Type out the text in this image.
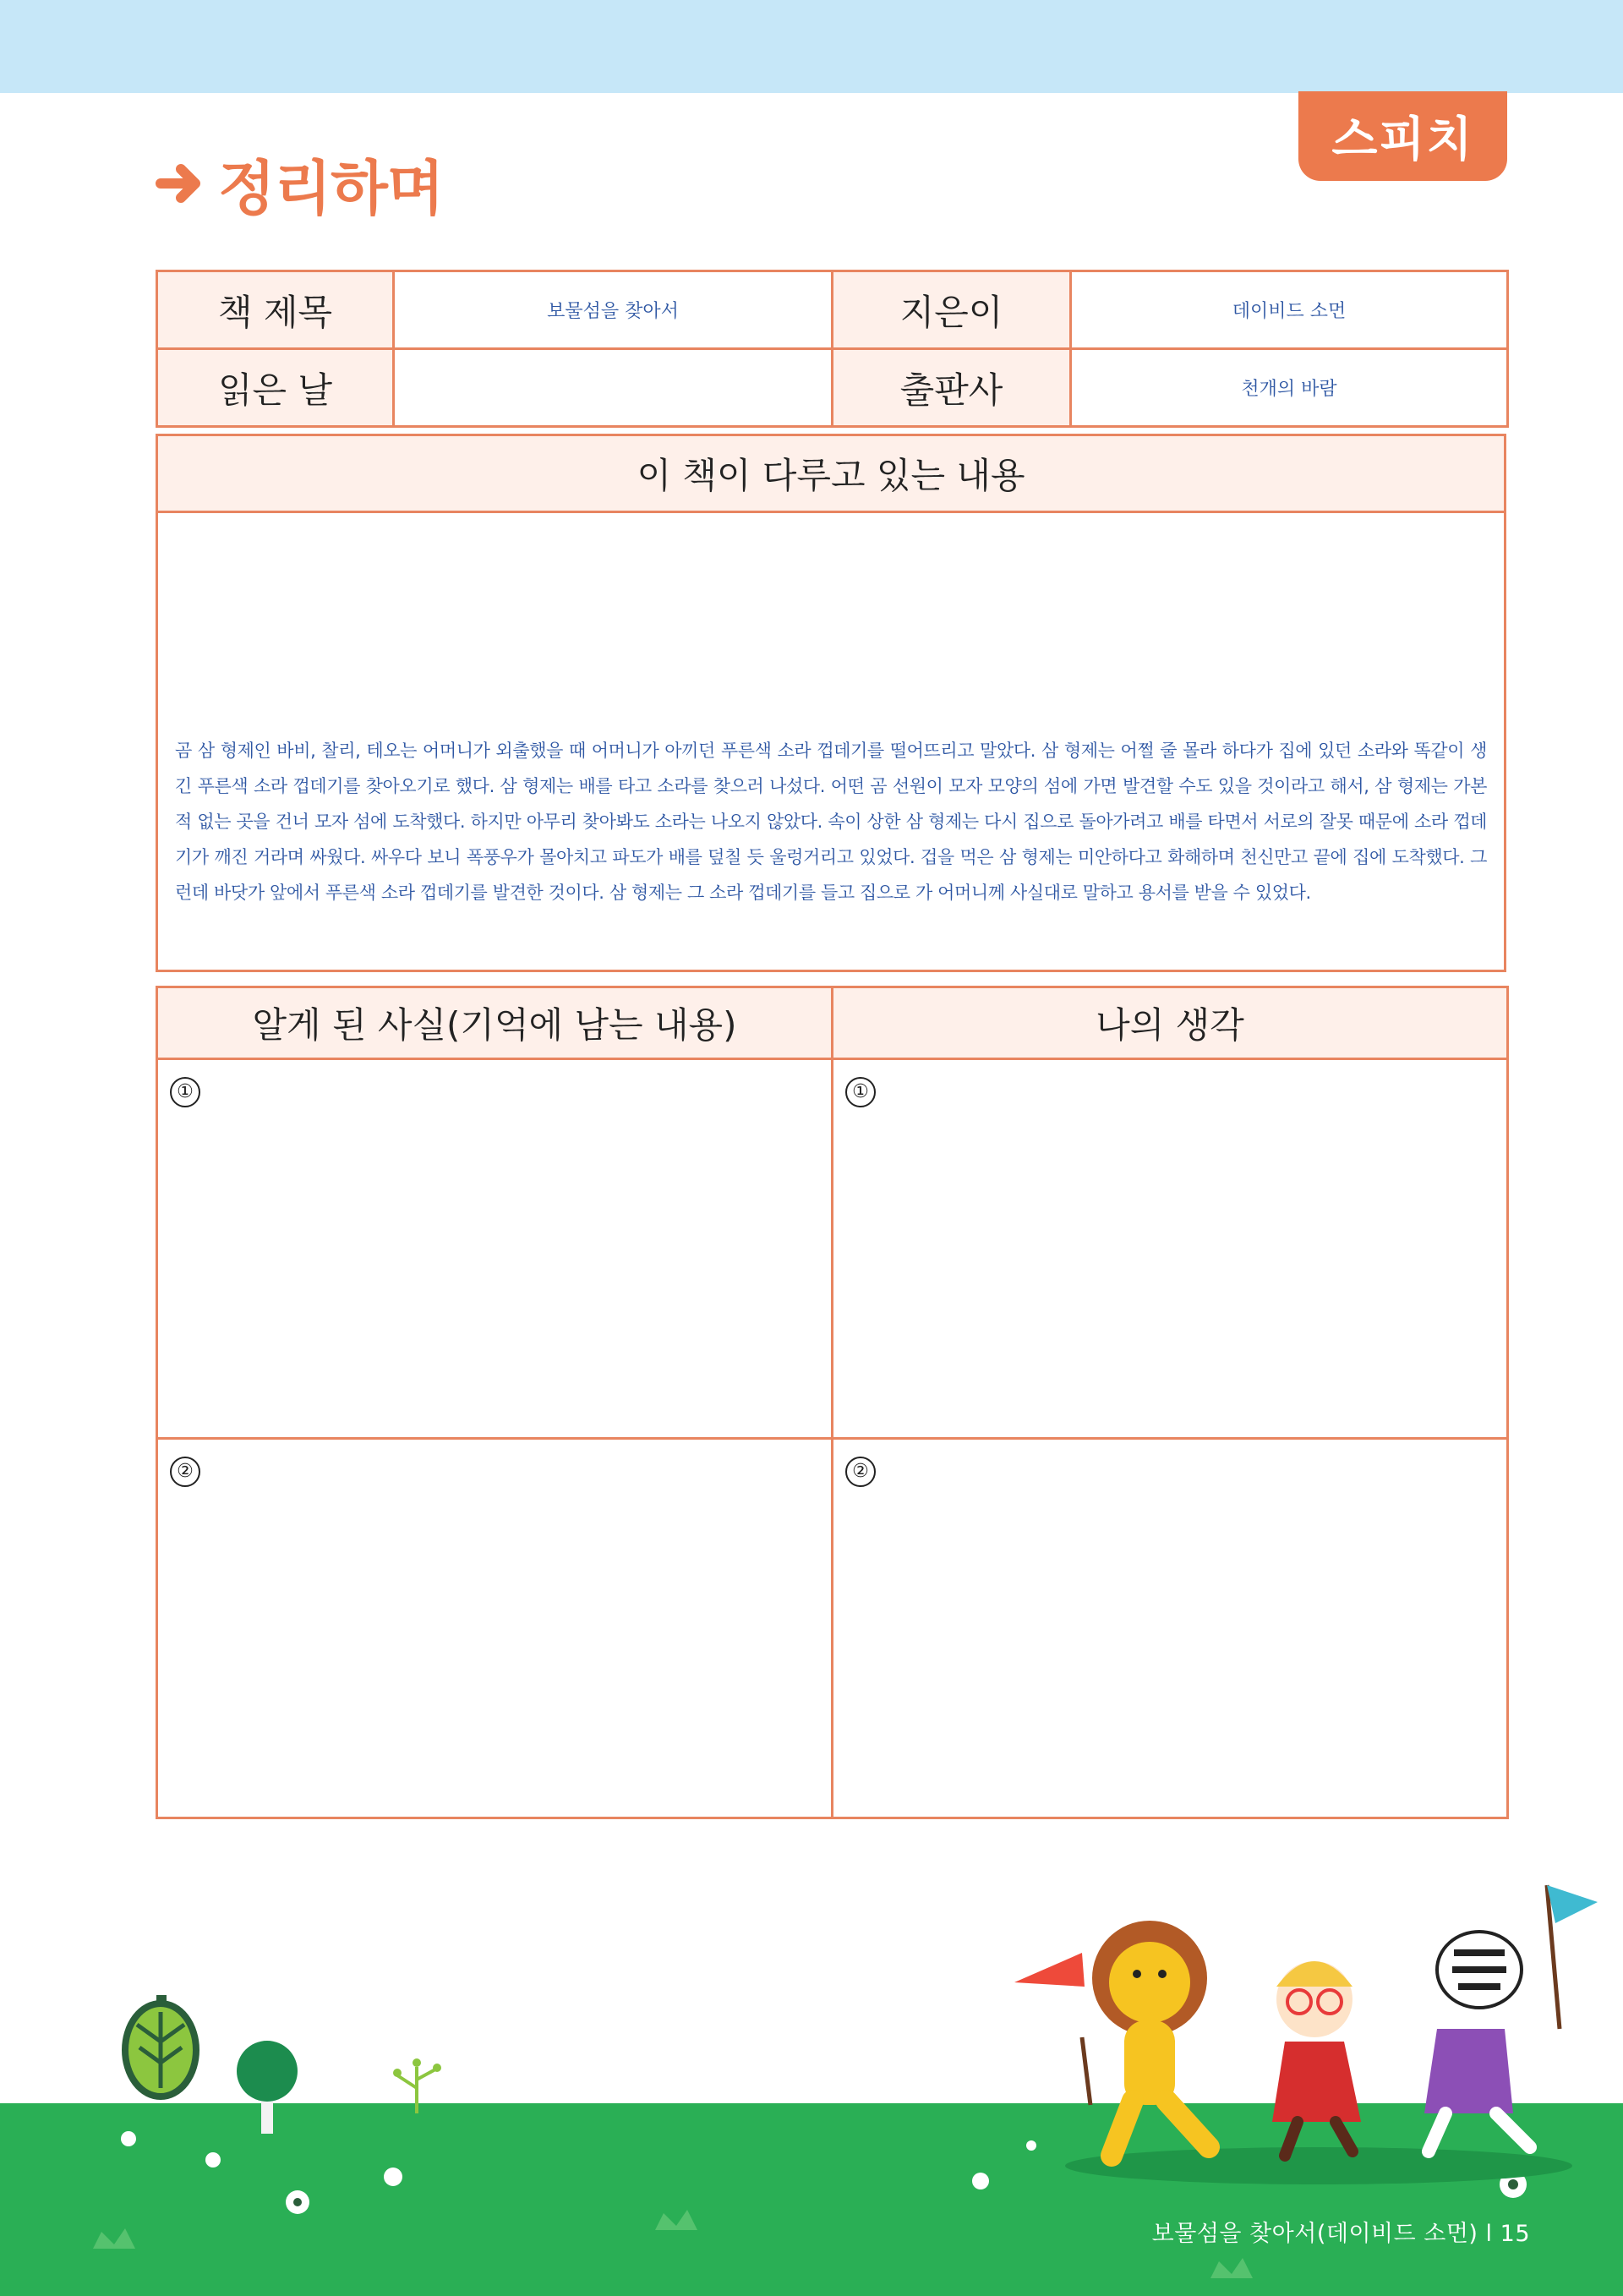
스피치
정리하며
책 제목	보물섬을 찾아서	지은이	데이비드 소먼
읽은 날		출판사	천개의 바람
이 책이 다루고 있는 내용

곰 삼 형제인 바비, 찰리, 테오는 어머니가 외출했을 때 어머니가 아끼던 푸른색 소라 껍데기를 떨어뜨리고 말았다. 삼 형제는 어쩔 줄 몰라 하다가 집에 있던 소라와 똑같이 생긴 푸른색 소라 껍데기를 찾아오기로 했다. 삼 형제는 배를 타고 소라를 찾으러 나섰다. 어떤 곰 선원이 모자 모양의 섬에 가면 발견할 수도 있을 것이라고 해서, 삼 형제는 가본 적 없는 곳을 건너 모자 섬에 도착했다. 하지만 아무리 찾아봐도 소라는 나오지 않았다. 속이 상한 삼 형제는 다시 집으로 돌아가려고 배를 타면서 서로의 잘못 때문에 소라 껍데기가 깨진 거라며 싸웠다. 싸우다 보니 폭풍우가 몰아치고 파도가 배를 덮칠 듯 울렁거리고 있었다. 겁을 먹은 삼 형제는 미안하다고 화해하며 천신만고 끝에 집에 도착했다. 그런데 바닷가 앞에서 푸른색 소라 껍데기를 발견한 것이다. 삼 형제는 그 소라 껍데기를 들고 집으로 가 어머니께 사실대로 말하고 용서를 받을 수 있었다.
알게 된 사실(기억에 남는 내용)	나의 생각
①	①
②	②
보물섬을 찾아서(데이비드 소먼) l 15
